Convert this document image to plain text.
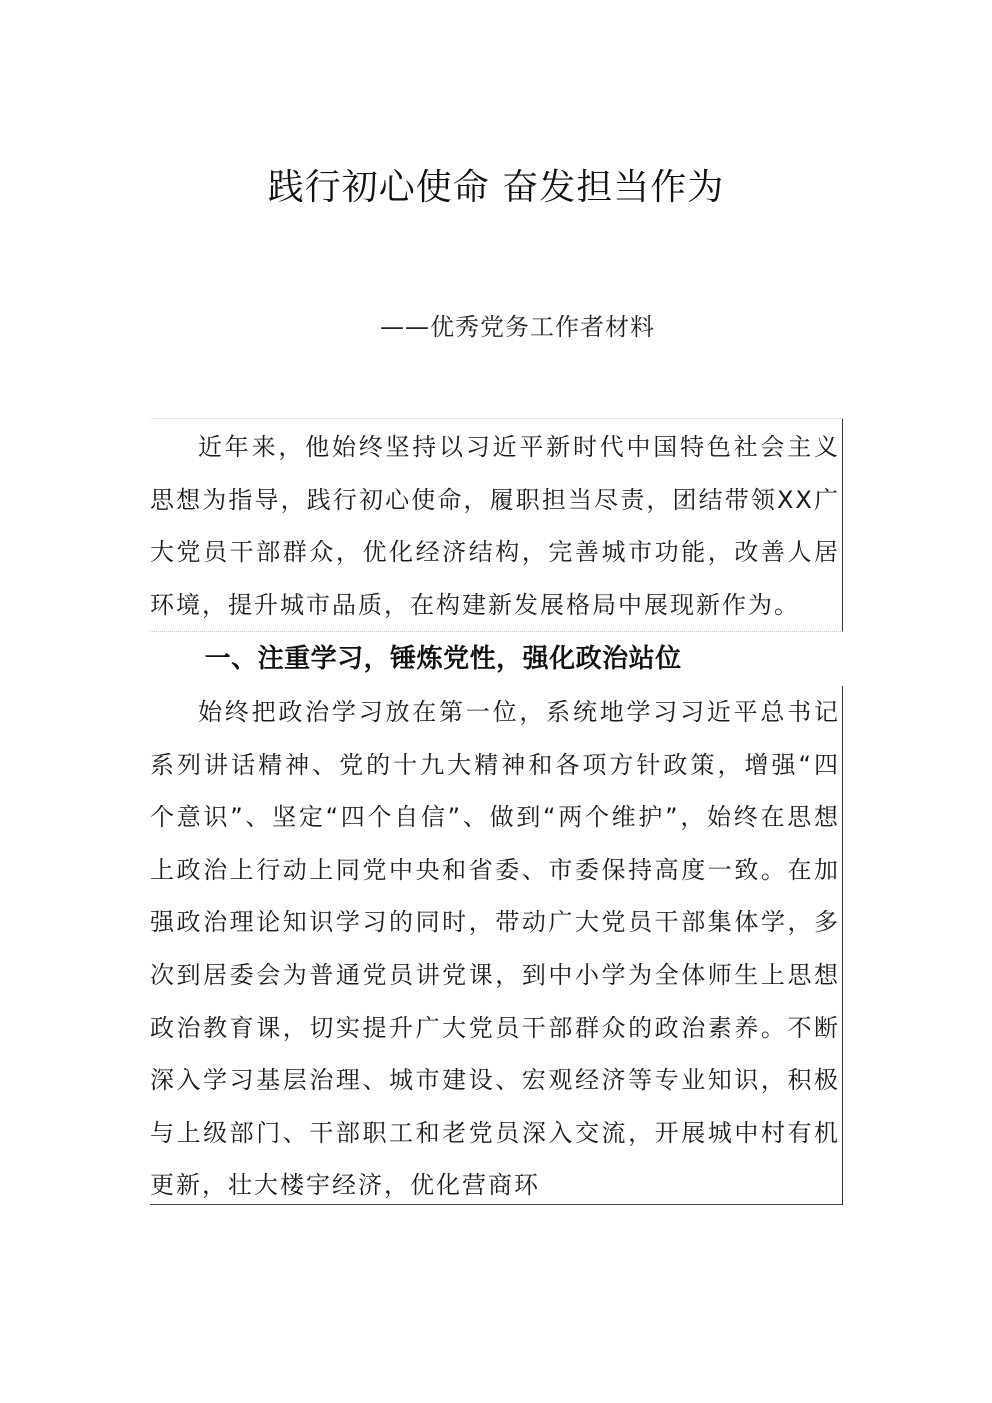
践行初心使命 奋发担当作为
——优秀党务工作者材料

近年来，他始终坚持以习近平新时代中国特色社会主义思想为指导，践行初心使命，履职担当尽责，团结带领XX广大党员干部群众，优化经济结构，完善城市功能，改善人居环境，提升城市品质，在构建新发展格局中展现新作为。

一、注重学习，锤炼党性，强化政治站位

始终把政治学习放在第一位，系统地学习习近平总书记系列讲话精神、党的十九大精神和各项方针政策，增强“四个意识”、坚定“四个自信”、做到“两个维护”，始终在思想上政治上行动上同党中央和省委、市委保持高度一致。在加强政治理论知识学习的同时，带动广大党员干部集体学，多次到居委会为普通党员讲党课，到中小学为全体师生上思想政治教育课，切实提升广大党员干部群众的政治素养。不断深入学习基层治理、城市建设、宏观经济等专业知识，积极与上级部门、干部职工和老党员深入交流，开展城中村有机更新，壮大楼宇经济，优化营商环
